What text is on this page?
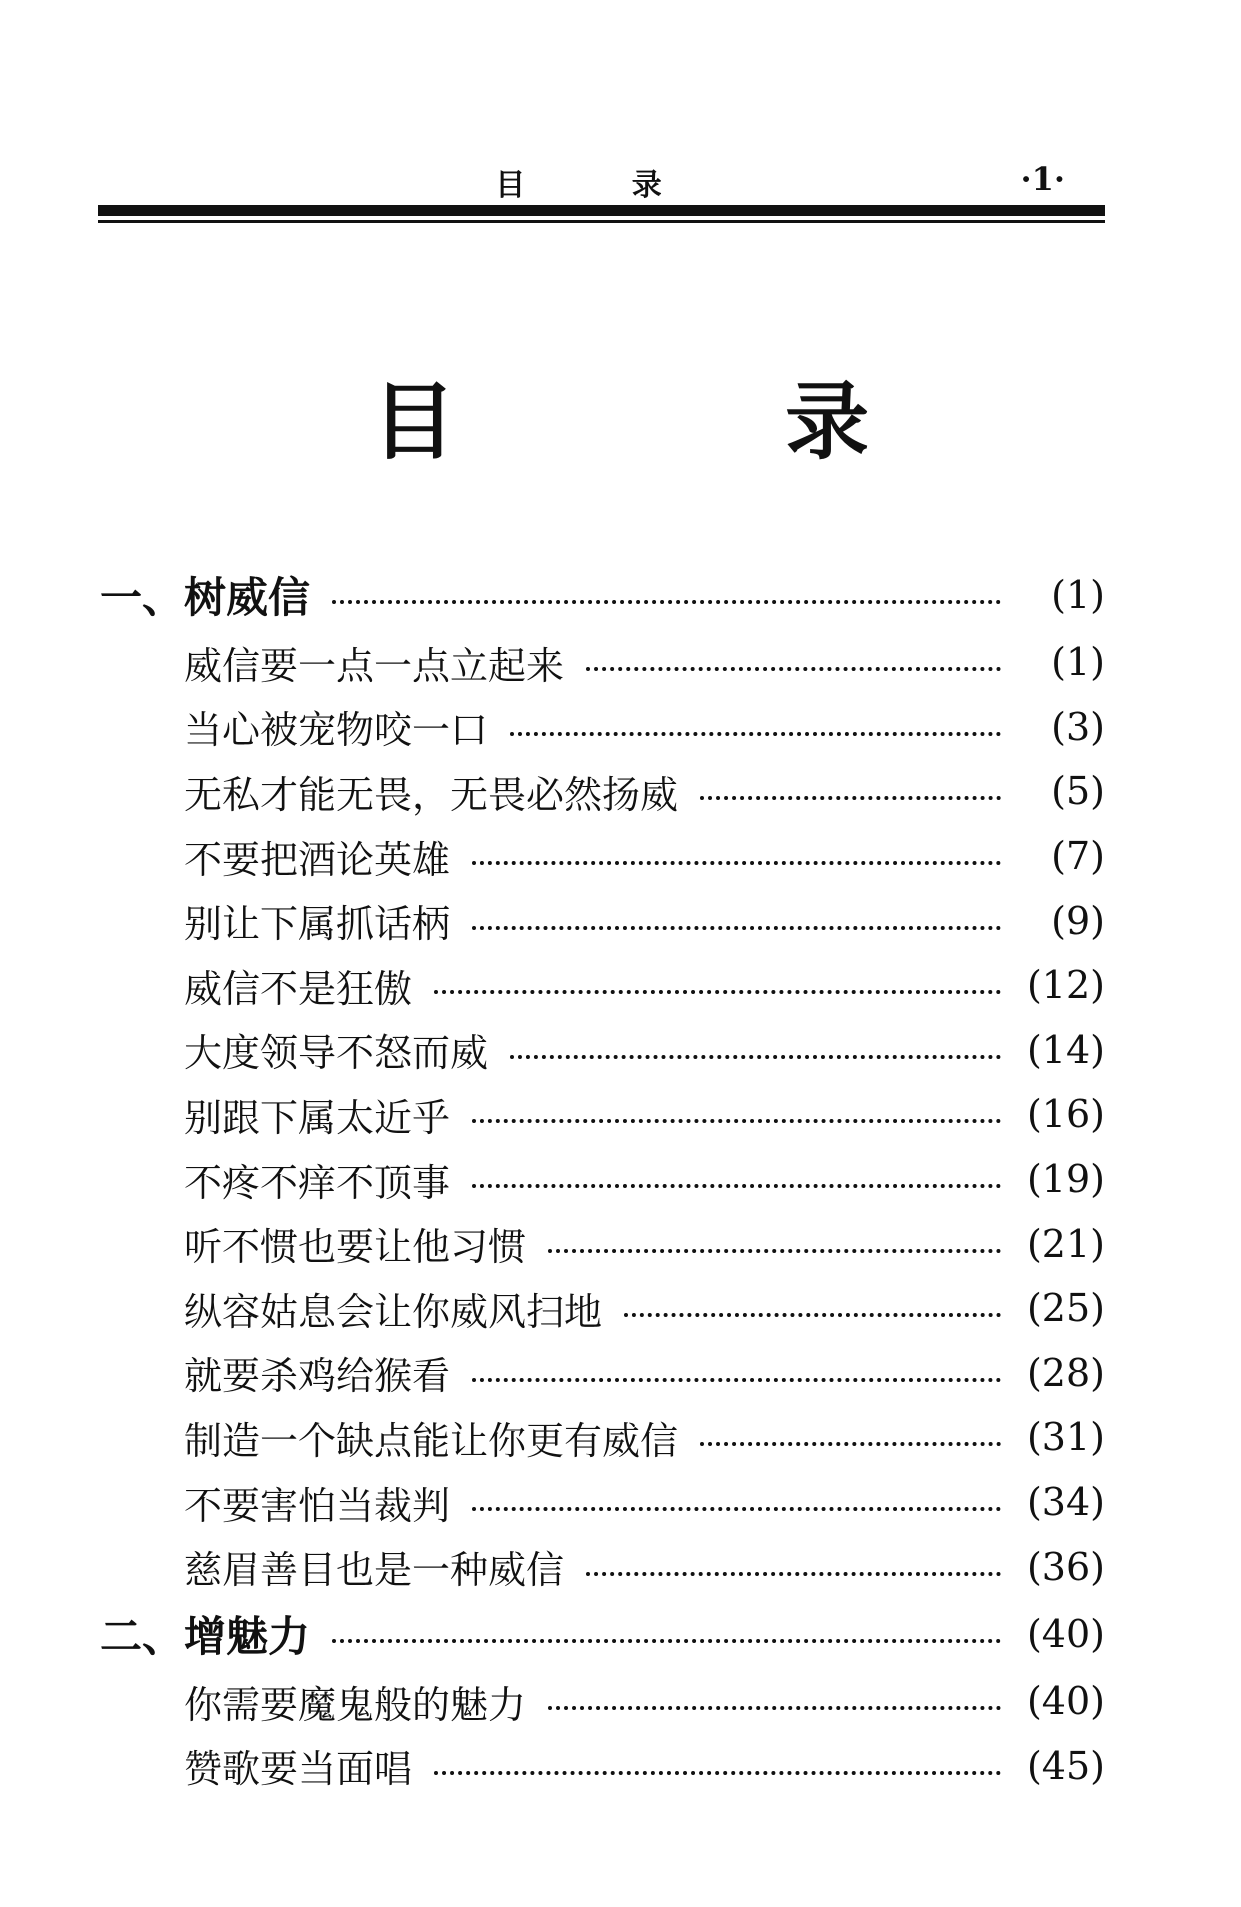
目 录	·1·
目 录
一、树威信	(1)
威信要一点一点立起来	(1)
当心被宠物咬一口	(3)
无私才能无畏，无畏必然扬威	(5)
不要把酒论英雄	(7)
别让下属抓话柄	(9)
威信不是狂傲	(12)
大度领导不怒而威	(14)
别跟下属太近乎	(16)
不疼不痒不顶事	(19)
听不惯也要让他习惯	(21)
纵容姑息会让你威风扫地	(25)
就要杀鸡给猴看	(28)
制造一个缺点能让你更有威信	(31)
不要害怕当裁判	(34)
慈眉善目也是一种威信	(36)
二、增魅力	(40)
你需要魔鬼般的魅力	(40)
赞歌要当面唱	(45)
